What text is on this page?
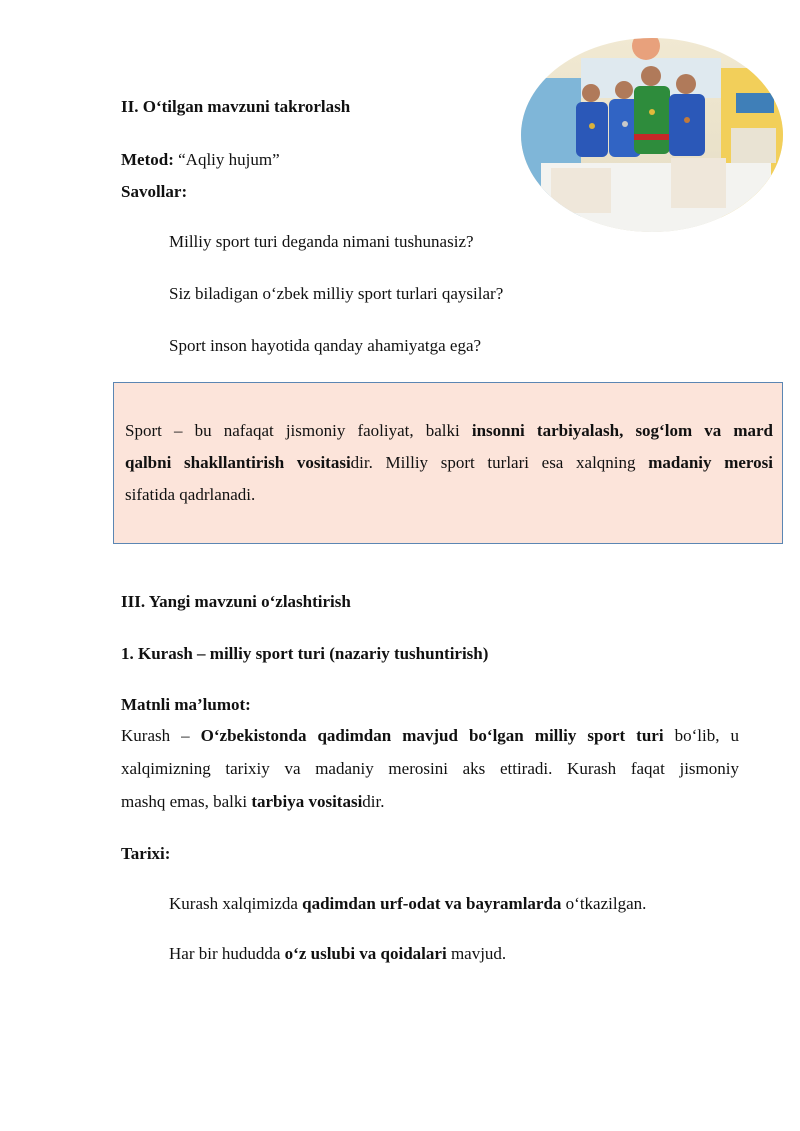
II. O‘tilgan mavzuni takrorlash
Metod: “Aqliy hujum”
Savollar:
Milliy sport turi deganda nimani tushunasiz?
Siz biladigan o‘zbek milliy sport turlari qaysilar?
Sport inson hayotida qanday ahamiyatga ega?
Sport – bu nafaqat jismoniy faoliyat, balki insonni tarbiyalash, sog‘lom va mard
qalbni shakllantirish vositasidir. Milliy sport turlari esa xalqning madaniy merosi
sifatida qadrlanadi.
III. Yangi mavzuni o‘zlashtirish
1. Kurash – milliy sport turi (nazariy tushuntirish)
Matnli ma’lumot:
Kurash – O‘zbekistonda qadimdan mavjud bo‘lgan milliy sport turi bo‘lib, u
xalqimizning tarixiy va madaniy merosini aks ettiradi. Kurash faqat jismoniy
mashq emas, balki tarbiya vositasidir.
Tarixi:
Kurash xalqimizda qadimdan urf-odat va bayramlarda o‘tkazilgan.
Har bir hududda o‘z uslubi va qoidalari mavjud.
